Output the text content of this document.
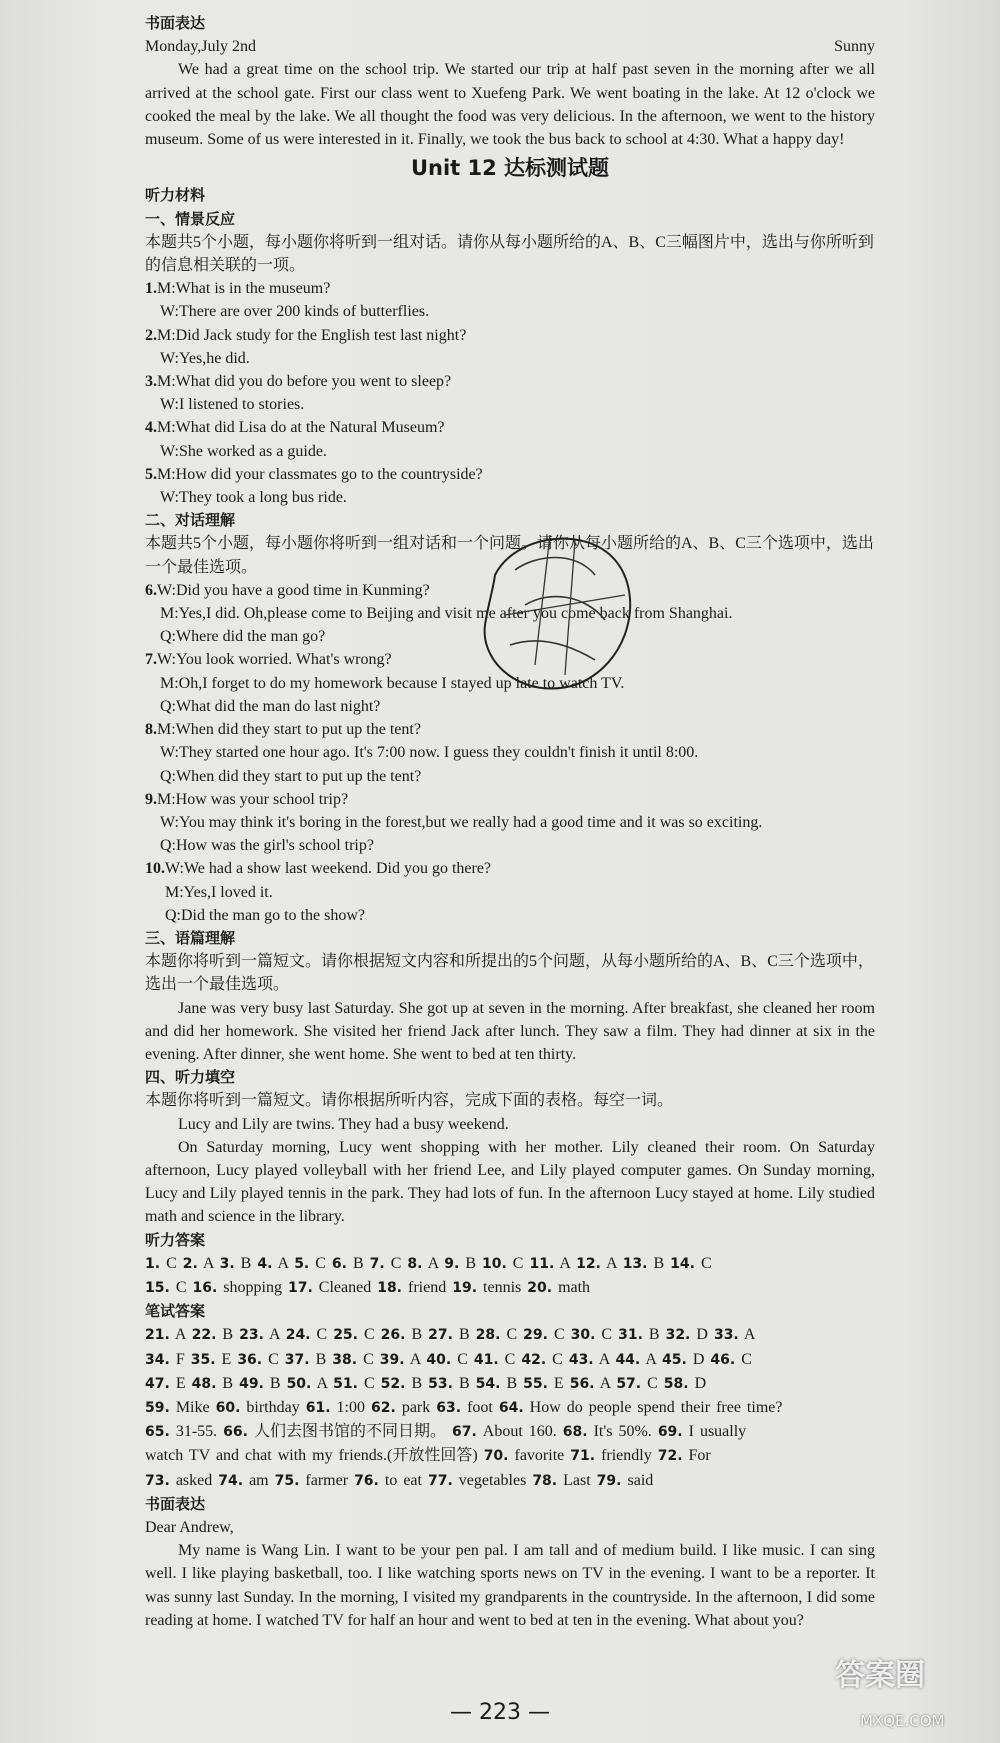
书面表达
Monday,July 2nd	Sunny
We had a great time on the school trip. We started our trip at half past seven in the morning after we all arrived at the school gate. First our class went to Xuefeng Park. We went boating in the lake. At 12 o'clock we cooked the meal by the lake. We all thought the food was very delicious. In the afternoon, we went to the history museum. Some of us were interested in it. Finally, we took the bus back to school at 4:30. What a happy day!
Unit 12 达标测试题
听力材料
一、情景反应
本题共5个小题，每小题你将听到一组对话。请你从每小题所给的A、B、C三幅图片中，选出与你所听到的信息相关联的一项。
1.M:What is in the museum?
W:There are over 200 kinds of butterflies.
2.M:Did Jack study for the English test last night?
W:Yes,he did.
3.M:What did you do before you went to sleep?
W:I listened to stories.
4.M:What did Lisa do at the Natural Museum?
W:She worked as a guide.
5.M:How did your classmates go to the countryside?
W:They took a long bus ride.
二、对话理解
本题共5个小题，每小题你将听到一组对话和一个问题。请你从每小题所给的A、B、C三个选项中，选出一个最佳选项。
6.W:Did you have a good time in Kunming?
M:Yes,I did. Oh,please come to Beijing and visit me after you come back from Shanghai.
Q:Where did the man go?
7.W:You look worried. What's wrong?
M:Oh,I forget to do my homework because I stayed up late to watch TV.
Q:What did the man do last night?
8.M:When did they start to put up the tent?
W:They started one hour ago. It's 7:00 now. I guess they couldn't finish it until 8:00.
Q:When did they start to put up the tent?
9.M:How was your school trip?
W:You may think it's boring in the forest,but we really had a good time and it was so exciting.
Q:How was the girl's school trip?
10.W:We had a show last weekend. Did you go there?
M:Yes,I loved it.
Q:Did the man go to the show?
三、语篇理解
本题你将听到一篇短文。请你根据短文内容和所提出的5个问题，从每小题所给的A、B、C三个选项中，选出一个最佳选项。
Jane was very busy last Saturday. She got up at seven in the morning. After breakfast, she cleaned her room and did her homework. She visited her friend Jack after lunch. They saw a film. They had dinner at six in the evening. After dinner, she went home. She went to bed at ten thirty.
四、听力填空
本题你将听到一篇短文。请你根据所听内容，完成下面的表格。每空一词。
Lucy and Lily are twins. They had a busy weekend.
On Saturday morning, Lucy went shopping with her mother. Lily cleaned their room. On Saturday afternoon, Lucy played volleyball with her friend Lee, and Lily played computer games. On Sunday morning, Lucy and Lily played tennis in the park. They had lots of fun. In the afternoon Lucy stayed at home. Lily studied math and science in the library.
听力答案
1. C 2. A 3. B 4. A 5. C 6. B 7. C 8. A 9. B 10. C 11. A 12. A 13. B 14. C
15. C 16. shopping 17. Cleaned 18. friend 19. tennis 20. math
笔试答案
21. A 22. B 23. A 24. C 25. C 26. B 27. B 28. C 29. C 30. C 31. B 32. D 33. A
34. F 35. E 36. C 37. B 38. C 39. A 40. C 41. C 42. C 43. A 44. A 45. D 46. C
47. E 48. B 49. B 50. A 51. C 52. B 53. B 54. B 55. E 56. A 57. C 58. D
59. Mike 60. birthday 61. 1:00 62. park 63. foot 64. How do people spend their free time?
65. 31-55. 66. 人们去图书馆的不同日期。 67. About 160. 68. It's 50%. 69. I usually
watch TV and chat with my friends.(开放性回答) 70. favorite 71. friendly 72. For
73. asked 74. am 75. farmer 76. to eat 77. vegetables 78. Last 79. said
书面表达
Dear Andrew,
My name is Wang Lin. I want to be your pen pal. I am tall and of medium build. I like music. I can sing well. I like playing basketball, too. I like watching sports news on TV in the evening. I want to be a reporter. It was sunny last Sunday. In the morning, I visited my grandparents in the countryside. In the afternoon, I did some reading at home. I watched TV for half an hour and went to bed at ten in the evening. What about you?
— 223 —
答案圈
MXQE.COM
